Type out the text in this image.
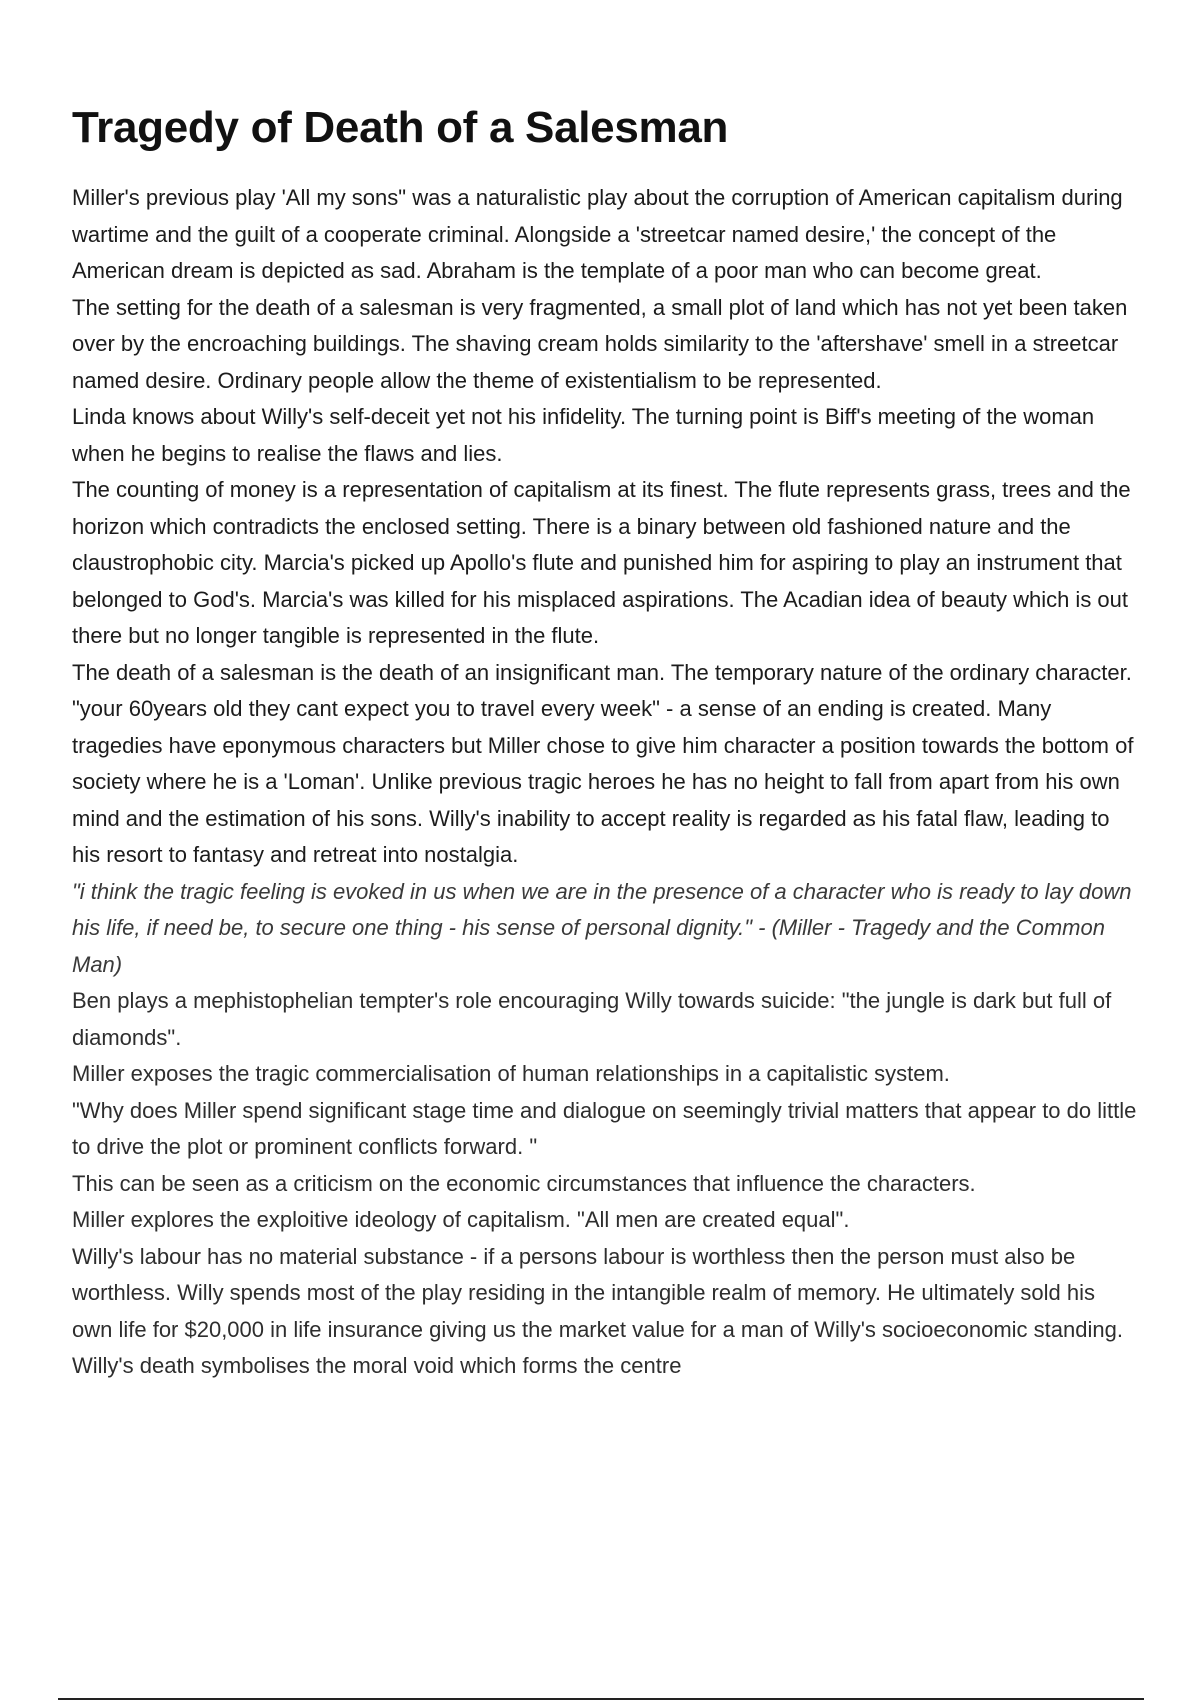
Tragedy of Death of a Salesman

Miller's previous play 'All my sons" was a naturalistic play about the corruption of American capitalism during wartime and the guilt of a cooperate criminal. Alongside a 'streetcar named desire,' the concept of the American dream is depicted as sad. Abraham is the template of a poor man who can become great.

The setting for the death of a salesman is very fragmented, a small plot of land which has not yet been taken over by the encroaching buildings. The shaving cream holds similarity to the 'aftershave' smell in a streetcar named desire. Ordinary people allow the theme of existentialism to be represented.

Linda knows about Willy's self-deceit yet not his infidelity. The turning point is Biff's meeting of the woman when he begins to realise the flaws and lies.

The counting of money is a representation of capitalism at its finest. The flute represents grass, trees and the horizon which contradicts the enclosed setting. There is a binary between old fashioned nature and the claustrophobic city. Marcia's picked up Apollo's flute and punished him for aspiring to play an instrument that belonged to God's. Marcia's was killed for his misplaced aspirations. The Acadian idea of beauty which is out there but no longer tangible is represented in the flute.

The death of a salesman is the death of an insignificant man. The temporary nature of the ordinary character.

"your 60years old they cant expect you to travel every week" - a sense of an ending is created. Many tragedies have eponymous characters but Miller chose to give him character a position towards the bottom of society where he is a 'Loman'. Unlike previous tragic heroes he has no height to fall from apart from his own mind and the estimation of his sons. Willy's inability to accept reality is regarded as his fatal flaw, leading to his resort to fantasy and retreat into nostalgia.

"i think the tragic feeling is evoked in us when we are in the presence of a character who is ready to lay down his life, if need be, to secure one thing - his sense of personal dignity." - (Miller - Tragedy and the Common Man)

Ben plays a mephistophelian tempter's role encouraging Willy towards suicide: "the jungle is dark but full of diamonds".

Miller exposes the tragic commercialisation of human relationships in a capitalistic system.

"Why does Miller spend significant stage time and dialogue on seemingly trivial matters that appear to do little to drive the plot or prominent conflicts forward. "

This can be seen as a criticism on the economic circumstances that influence the characters.

Miller explores the exploitive ideology of capitalism. "All men are created equal".

Willy's labour has no material substance - if a persons labour is worthless then the person must also be worthless. Willy spends most of the play residing in the intangible realm of memory. He ultimately sold his own life for $20,000 in life insurance giving us the market value for a man of Willy's socioeconomic standing. Willy's death symbolises the moral void which forms the centre
